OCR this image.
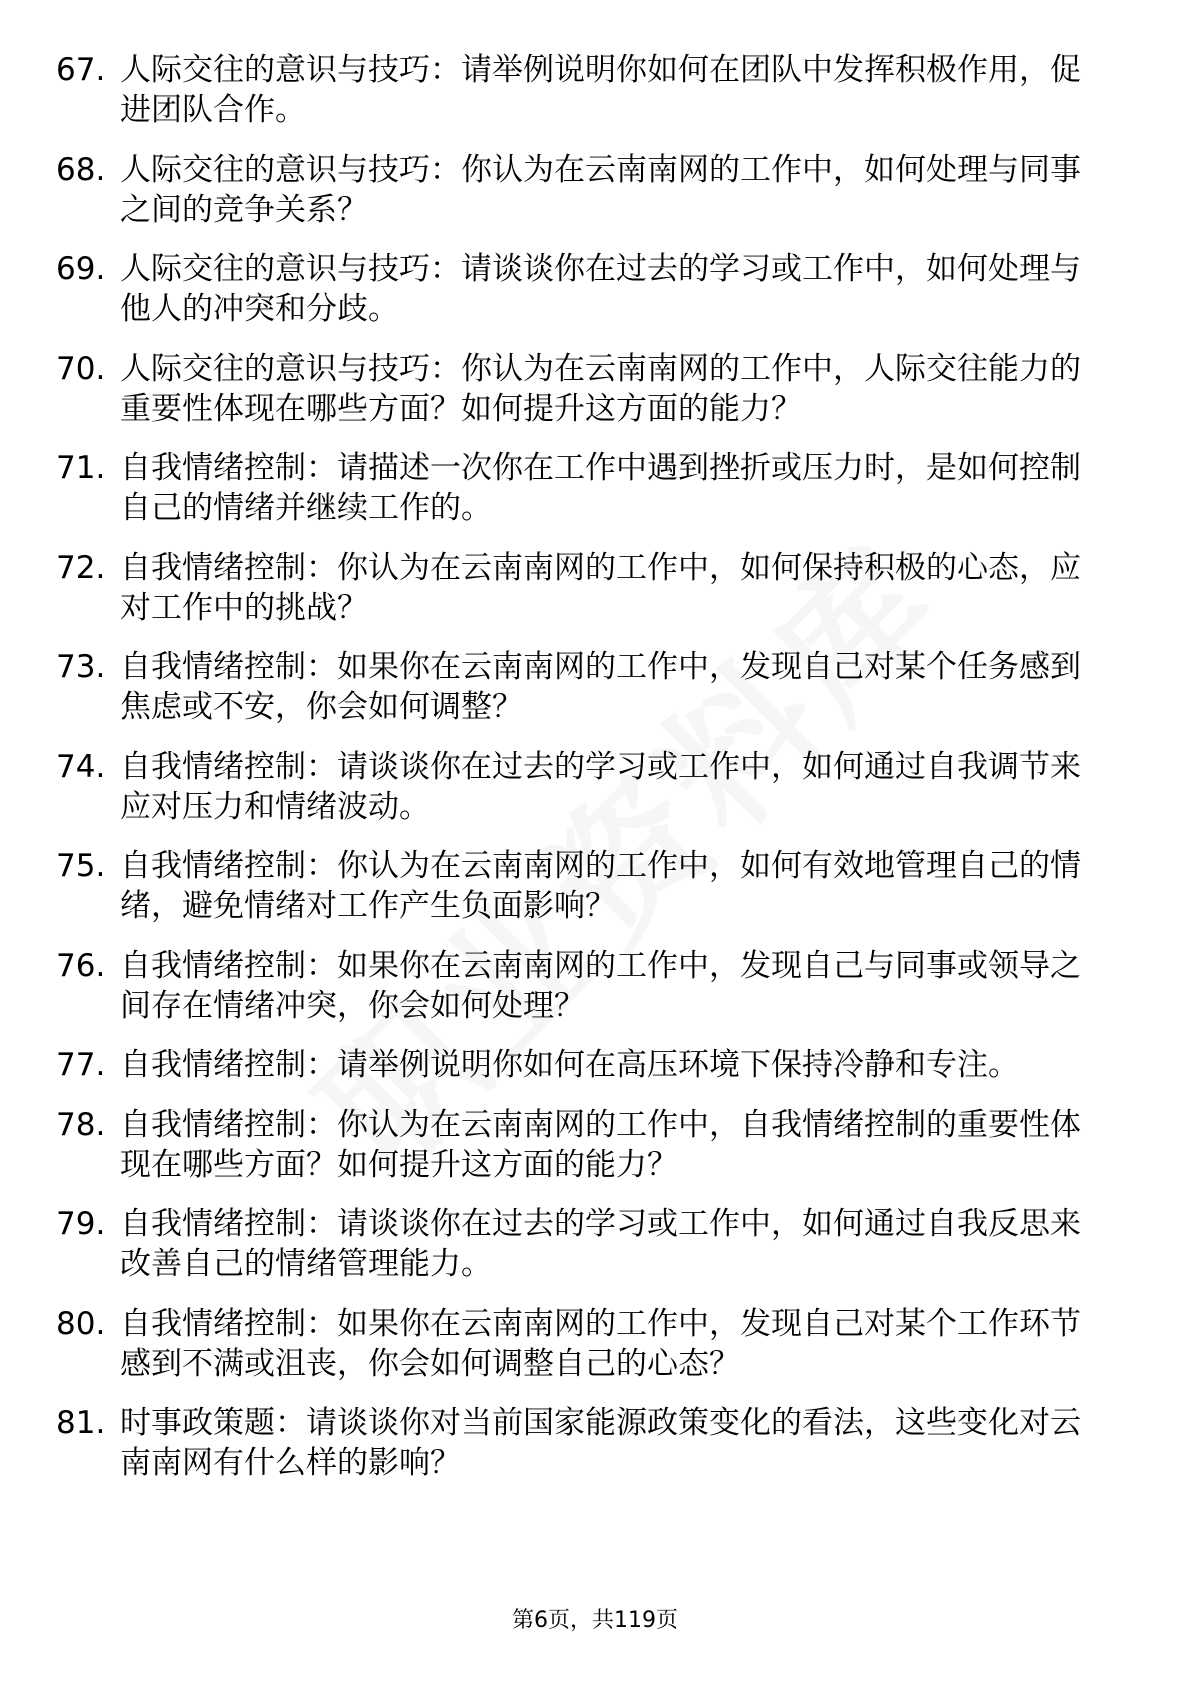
67. 人际交往的意识与技巧：请举例说明你如何在团队中发挥积极作用，促进团队合作。
68. 人际交往的意识与技巧：你认为在云南南网的工作中，如何处理与同事之间的竞争关系？
69. 人际交往的意识与技巧：请谈谈你在过去的学习或工作中，如何处理与他人的冲突和分歧。
70. 人际交往的意识与技巧：你认为在云南南网的工作中，人际交往能力的重要性体现在哪些方面？如何提升这方面的能力？
71. 自我情绪控制：请描述一次你在工作中遇到挫折或压力时，是如何控制自己的情绪并继续工作的。
72. 自我情绪控制：你认为在云南南网的工作中，如何保持积极的心态，应对工作中的挑战？
73. 自我情绪控制：如果你在云南南网的工作中，发现自己对某个任务感到焦虑或不安，你会如何调整？
74. 自我情绪控制：请谈谈你在过去的学习或工作中，如何通过自我调节来应对压力和情绪波动。
75. 自我情绪控制：你认为在云南南网的工作中，如何有效地管理自己的情绪，避免情绪对工作产生负面影响？
76. 自我情绪控制：如果你在云南南网的工作中，发现自己与同事或领导之间存在情绪冲突，你会如何处理？
77. 自我情绪控制：请举例说明你如何在高压环境下保持冷静和专注。
78. 自我情绪控制：你认为在云南南网的工作中，自我情绪控制的重要性体现在哪些方面？如何提升这方面的能力？
79. 自我情绪控制：请谈谈你在过去的学习或工作中，如何通过自我反思来改善自己的情绪管理能力。
80. 自我情绪控制：如果你在云南南网的工作中，发现自己对某个工作环节感到不满或沮丧，你会如何调整自己的心态？
81. 时事政策题：请谈谈你对当前国家能源政策变化的看法，这些变化对云南南网有什么样的影响？
第6页，共119页
